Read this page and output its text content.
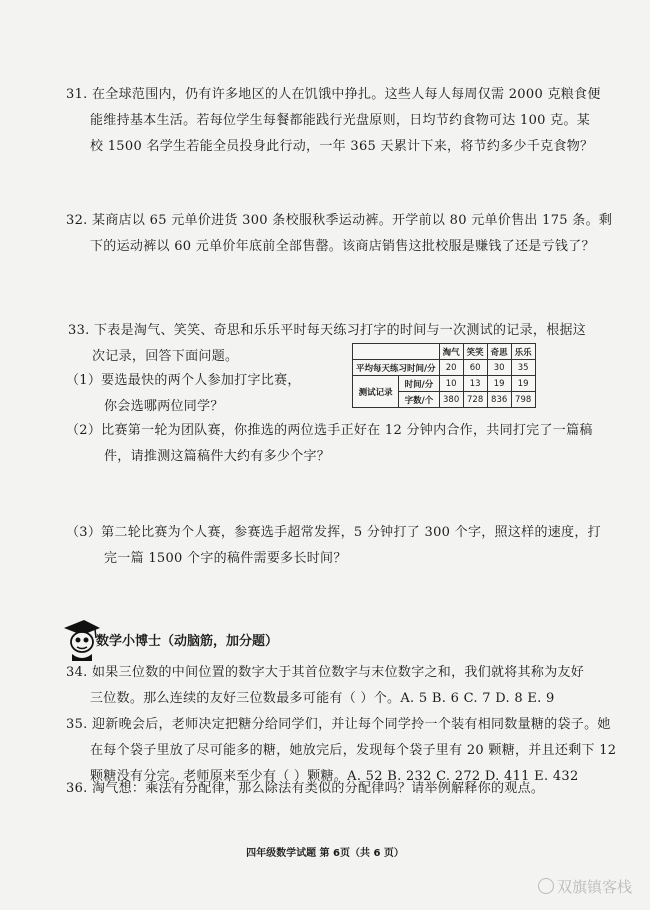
31. 在全球范围内，仍有许多地区的人在饥饿中挣扎。这些人每人每周仅需 2000 克粮食便
能维持基本生活。若每位学生每餐都能践行光盘原则，日均节约食物可达 100 克。某
校 1500 名学生若能全员投身此行动，一年 365 天累计下来，将节约多少千克食物？
32. 某商店以 65 元单价进货 300 条校服秋季运动裤。开学前以 80 元单价售出 175 条。剩
下的运动裤以 60 元单价年底前全部售罄。该商店销售这批校服是赚钱了还是亏钱了？
33. 下表是淘气、笑笑、奇思和乐乐平时每天练习打字的时间与一次测试的记录，根据这
次记录，回答下面问题。
		淘气	笑笑	奇思	乐乐
平均每天练习时间/分		20	60	30	35
测试记录	时间/分	10	13	19	19
	字数/个	380	728	836	798
（1）要选最快的两个人参加打字比赛，
你会选哪两位同学？
（2）比赛第一轮为团队赛，你推选的两位选手正好在 12 分钟内合作，共同打完了一篇稿
件，请推测这篇稿件大约有多少个字？
（3）第二轮比赛为个人赛，参赛选手超常发挥，5 分钟打了 300 个字，照这样的速度，打
完一篇 1500 个字的稿件需要多长时间？
数学小博士（动脑筋，加分题）
34. 如果三位数的中间位置的数字大于其首位数字与末位数字之和，我们就将其称为友好
三位数。那么连续的友好三位数最多可能有（ ）个。A. 5 B. 6 C. 7 D. 8 E. 9
35. 迎新晚会后，老师决定把糖分给同学们，并让每个同学拎一个装有相同数量糖的袋子。她
在每个袋子里放了尽可能多的糖，她放完后，发现每个袋子里有 20 颗糖，并且还剩下 12
颗糖没有分完。老师原来至少有（ ）颗糖。A. 52 B. 232 C. 272 D. 411 E. 432
36. 淘气想：乘法有分配律，那么除法有类似的分配律吗？请举例解释你的观点。
四年级数学试题 第 6页（共 6 页）
双旗镇客栈
